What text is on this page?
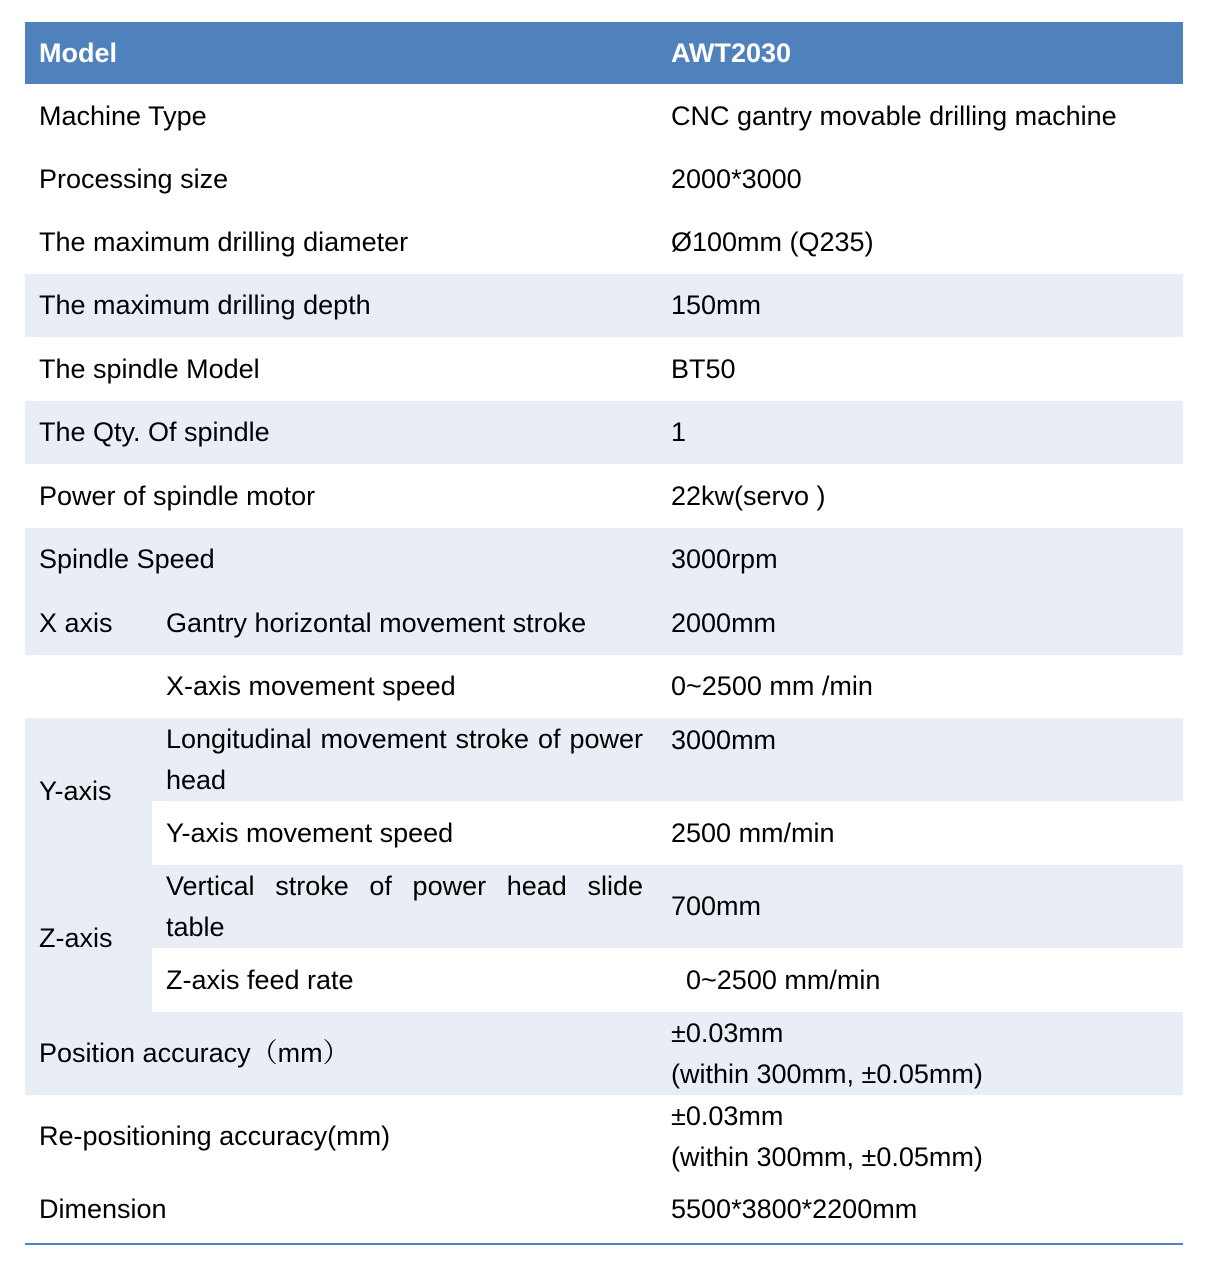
Model		AWT2030
Machine Type		CNC gantry movable drilling machine
Processing size		2000*3000
The maximum drilling diameter		Ø100mm (Q235)
The maximum drilling depth		150mm
The spindle Model		BT50
The Qty. Of spindle		1
Power of spindle motor		22kw(servo )
Spindle Speed		3000rpm
X axis	Gantry horizontal movement stroke	2000mm
	X-axis movement speed	0~2500 mm /min
Y-axis	Longitudinal movement stroke of power head	3000mm
	Y-axis movement speed	2500 mm/min
Z-axis	Vertical stroke of power head slide table	700mm
	Z-axis feed rate	0~2500 mm/min
Position accuracy（mm）		±0.03mm
(within 300mm, ±0.05mm)

Re-positioning accuracy(mm)		±0.03mm
(within 300mm, ±0.05mm)

Dimension		5500*3800*2200mm
